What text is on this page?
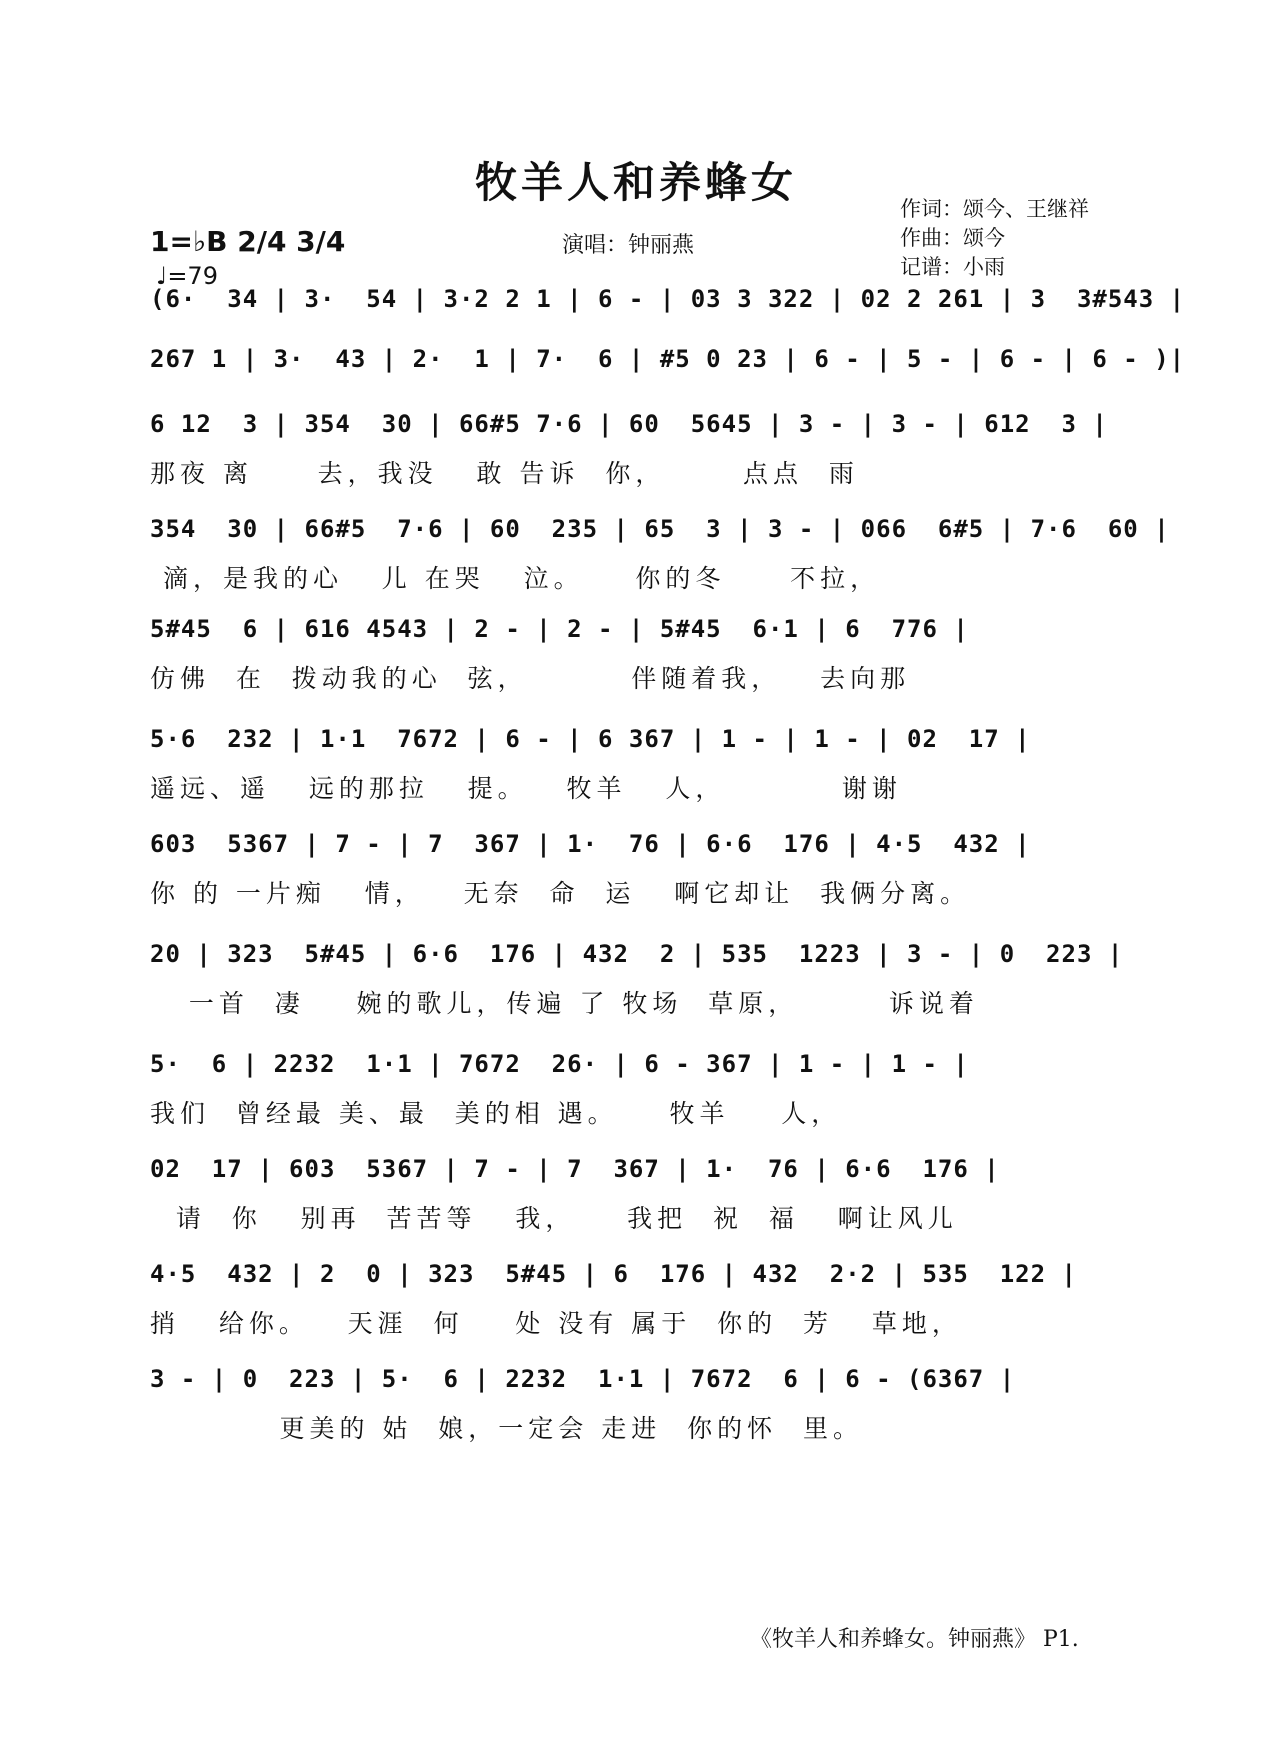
牧羊人和养蜂女
1=♭B 2/4 3/4
♩=79
演唱：钟丽燕
作词：颂今、王继祥
作曲：颂今
记谱：小雨
(6·  34 | 3·  54 | 3·2 2 1 | 6 - | 03 3 322 | 02 2 261 | 3  3#543 |
267 1 | 3·  43 | 2·  1 | 7·  6 | #5 0 23 | 6 - | 5 - | 6 - | 6 - )|
6 12  3 | 354  30 | 66#5 7·6 | 60  5645 | 3 - | 3 - | 612  3 |
那夜 离     去，我没   敢 告诉  你，      点点  雨
354  30 | 66#5  7·6 | 60  235 | 65  3 | 3 - | 066  6#5 | 7·6  60 |
滴，是我的心   儿 在哭   泣。    你的冬     不拉，
5#45  6 | 616 4543 | 2 - | 2 - | 5#45  6·1 | 6  776 |
仿佛  在  拨动我的心  弦，        伴随着我，   去向那
5·6  232 | 1·1  7672 | 6 - | 6 367 | 1 - | 1 - | 02  17 |
遥远、遥   远的那拉   提。   牧羊   人，         谢谢
603  5367 | 7 - | 7  367 | 1·  76 | 6·6  176 | 4·5  432 |
你 的 一片痴   情，   无奈  命  运   啊它却让  我俩分离。
20 | 323  5#45 | 6·6  176 | 432  2 | 535  1223 | 3 - | 0  223 |
一首  凄    婉的歌儿，传遍 了 牧场  草原，       诉说着
5·  6 | 2232  1·1 | 7672  26· | 6 - 367 | 1 - | 1 - |
我们  曾经最 美、最  美的相 遇。    牧羊    人，
02  17 | 603  5367 | 7 - | 7  367 | 1·  76 | 6·6  176 |
请  你   别再  苦苦等   我，    我把  祝  福   啊让风儿
4·5  432 | 2  0 | 323  5#45 | 6  176 | 432  2·2 | 535  122 |
捎   给你。   天涯  何    处 没有 属于  你的  芳   草地，
3 - | 0  223 | 5·  6 | 2232  1·1 | 7672  6 | 6 - (6367 |
更美的 姑  娘，一定会 走进  你的怀  里。
《牧羊人和养蜂女。钟丽燕》 P1.
